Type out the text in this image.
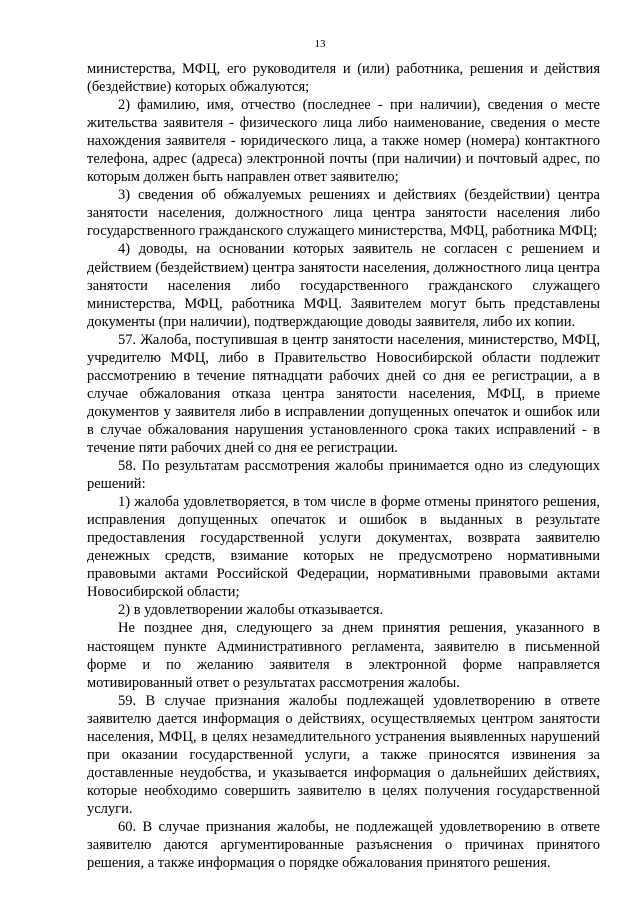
13

министерства, МФЦ, его руководителя и (или) работника, решения и действия (бездействие) которых обжалуются;

2) фамилию, имя, отчество (последнее - при наличии), сведения о месте жительства заявителя - физического лица либо наименование, сведения о месте нахождения заявителя - юридического лица, а также номер (номера) контактного телефона, адрес (адреса) электронной почты (при наличии) и почтовый адрес, по которым должен быть направлен ответ заявителю;

3) сведения об обжалуемых решениях и действиях (бездействии) центра занятости населения, должностного лица центра занятости населения либо государственного гражданского служащего министерства, МФЦ, работника МФЦ;

4) доводы, на основании которых заявитель не согласен с решением и действием (бездействием) центра занятости населения, должностного лица центра занятости населения либо государственного гражданского служащего министерства, МФЦ, работника МФЦ. Заявителем могут быть представлены документы (при наличии), подтверждающие доводы заявителя, либо их копии.

57. Жалоба, поступившая в центр занятости населения, министерство, МФЦ, учредителю МФЦ, либо в Правительство Новосибирской области подлежит рассмотрению в течение пятнадцати рабочих дней со дня ее регистрации, а в случае обжалования отказа центра занятости населения, МФЦ, в приеме документов у заявителя либо в исправлении допущенных опечаток и ошибок или в случае обжалования нарушения установленного срока таких исправлений - в течение пяти рабочих дней со дня ее регистрации.

58. По результатам рассмотрения жалобы принимается одно из следующих решений:

1) жалоба удовлетворяется, в том числе в форме отмены принятого решения, исправления допущенных опечаток и ошибок в выданных в результате предоставления государственной услуги документах, возврата заявителю денежных средств, взимание которых не предусмотрено нормативными правовыми актами Российской Федерации, нормативными правовыми актами Новосибирской области;

2) в удовлетворении жалобы отказывается.

Не позднее дня, следующего за днем принятия решения, указанного в настоящем пункте Административного регламента, заявителю в письменной форме и по желанию заявителя в электронной форме направляется мотивированный ответ о результатах рассмотрения жалобы.

59. В случае признания жалобы подлежащей удовлетворению в ответе заявителю дается информация о действиях, осуществляемых центром занятости населения, МФЦ, в целях незамедлительного устранения выявленных нарушений при оказании государственной услуги, а также приносятся извинения за доставленные неудобства, и указывается информация о дальнейших действиях, которые необходимо совершить заявителю в целях получения государственной услуги.

60. В случае признания жалобы, не подлежащей удовлетворению в ответе заявителю даются аргументированные разъяснения о причинах принятого решения, а также информация о порядке обжалования принятого решения.
